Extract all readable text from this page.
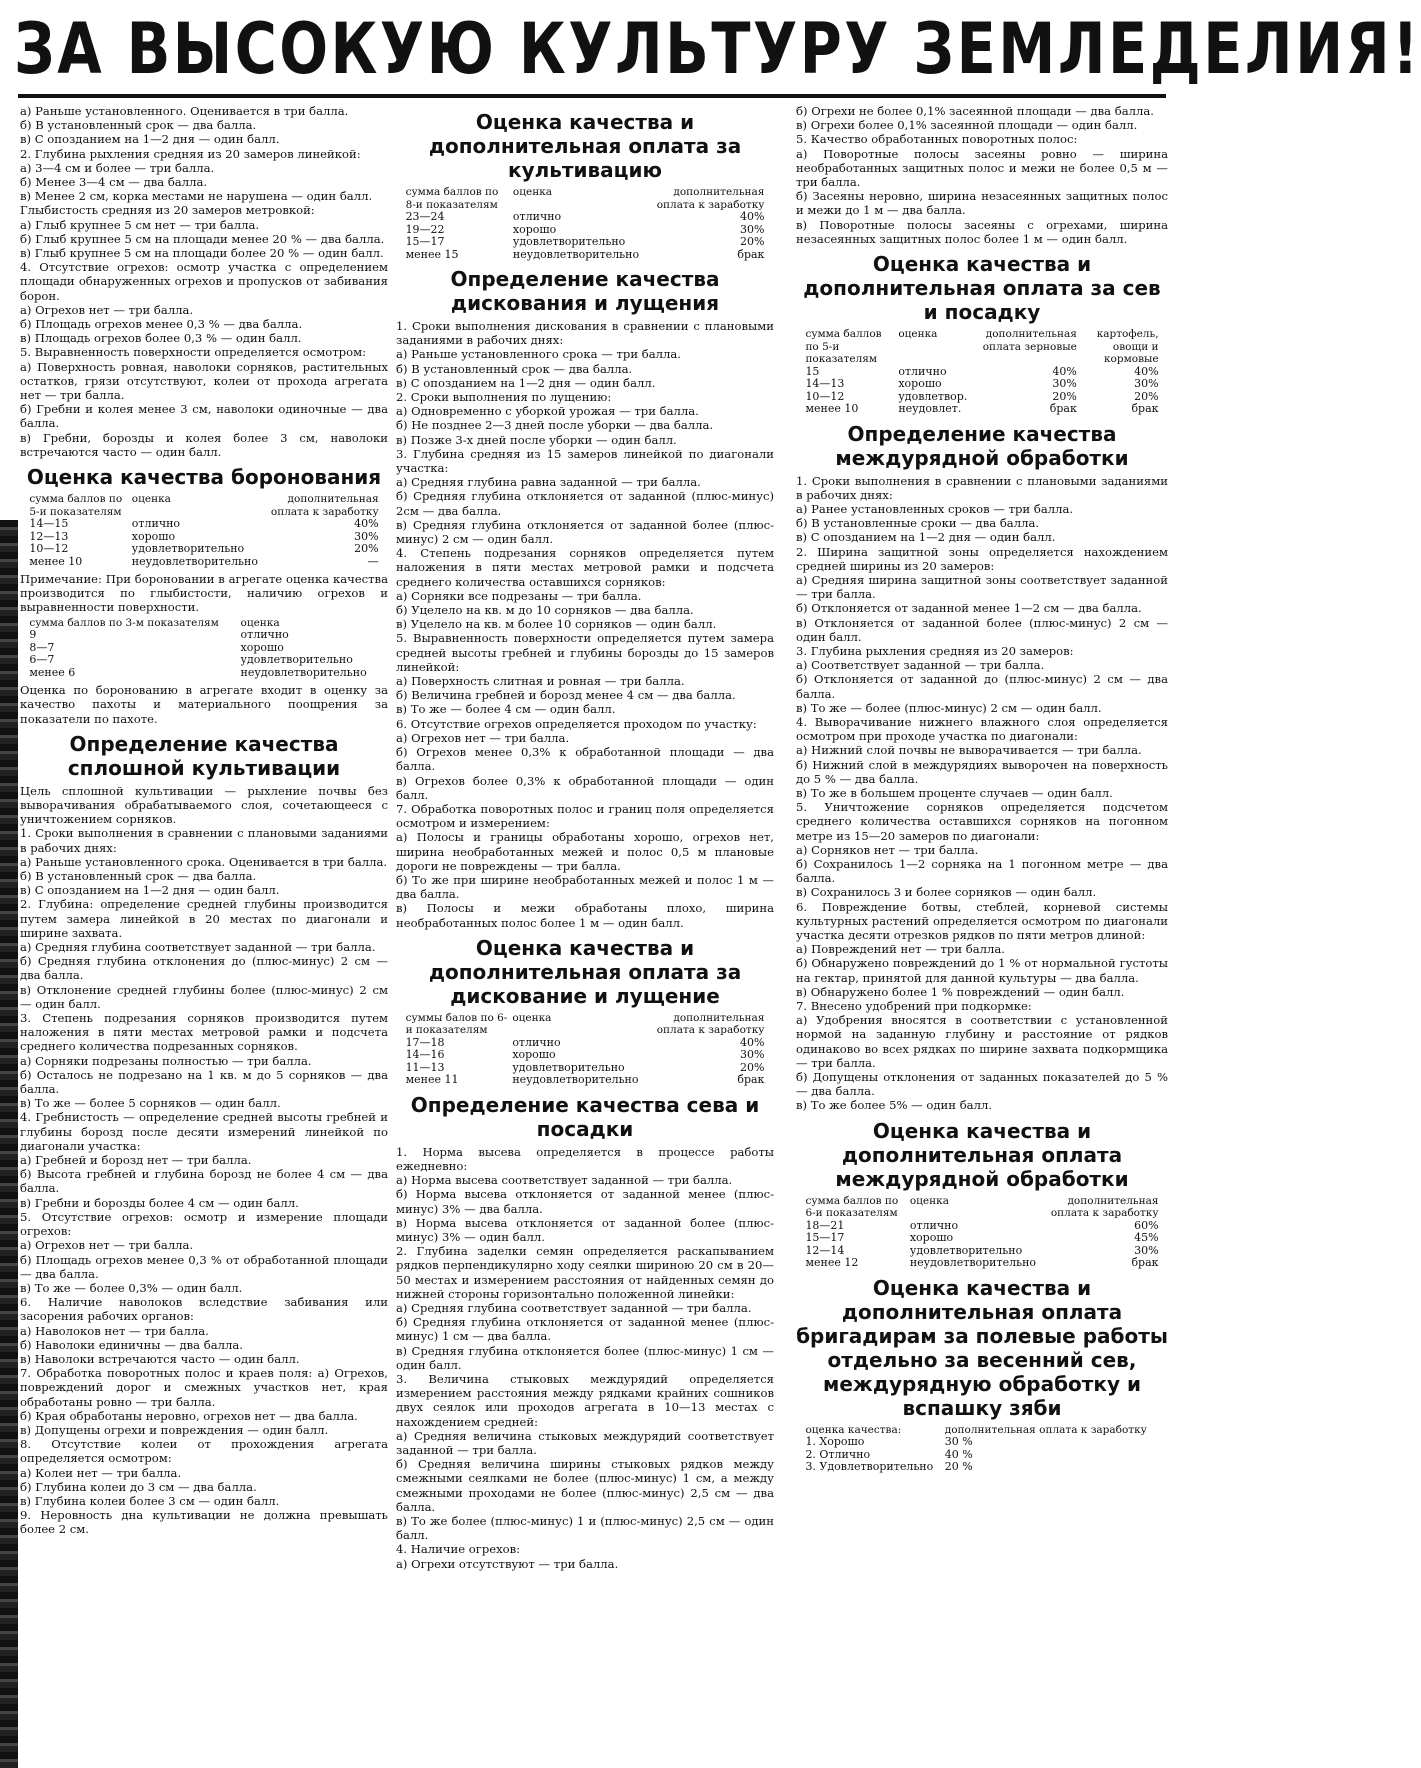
ЗА ВЫСОКУЮ КУЛЬТУРУ ЗЕМЛЕДЕЛИЯ!

а) Раньше установленного. Оценивается в три балла.

б) В установленный срок — два балла.

в) С опозданием на 1—2 дня — один балл.

2. Глубина рыхления средняя из 20 замеров линейкой:

а) 3—4 см и более — три балла.

б) Менее 3—4 см — два балла.

в) Менее 2 см, корка местами не нарушена — один балл.

Глыбистость средняя из 20 замеров метровкой:

а) Глыб крупнее 5 см нет — три балла.

б) Глыб крупнее 5 см на площади менее 20 % — два балла.

в) Глыб крупнее 5 см на площади более 20 % — один балл.

4. Отсутствие огрехов: осмотр участка с определением площади обнаруженных огрехов и пропусков от забивания борон.

а) Огрехов нет — три балла.

б) Площадь огрехов менее 0,3 % — два балла.

в) Площадь огрехов более 0,3 % — один балл.

5. Выравненность поверхности определяется осмотром:

а) Поверхность ровная, наволоки сорняков, растительных остатков, грязи отсутствуют, колеи от прохода агрегата нет — три балла.

б) Гребни и колея менее 3 см, наволоки одиночные — два балла.

в) Гребни, борозды и колея более 3 см, наволоки встречаются часто — один балл.

Оценка качества боронования
сумма баллов по 5-и показателям	оценка	дополнительная оплата к заработку
14—15	отлично	40%
12—13	хорошо	30%
10—12	удовлетворительно	20%
менее 10	неудовлетворительно	—

Примечание: При бороновании в агрегате оценка качества производится по глыбистости, наличию огрехов и выравненности поверхности.

сумма баллов по 3-м показателям	оценка
9	отлично
8—7	хорошо
6—7	удовлетворительно
менее 6	неудовлетворительно

Оценка по боронованию в агрегате входит в оценку за качество пахоты и материального поощрения за показатели по пахоте.

Определение качества сплошной культивации

Цель сплошной культивации — рыхление почвы без выворачивания обрабатываемого слоя, сочетающееся с уничтожением сорняков.

1. Сроки выполнения в сравнении с плановыми заданиями в рабочих днях:

а) Раньше установленного срока. Оценивается в три балла.

б) В установленный срок — два балла.

в) С опозданием на 1—2 дня — один балл.

2. Глубина: определение средней глубины производится путем замера линейкой в 20 местах по диагонали и ширине захвата.

а) Средняя глубина соответствует заданной — три балла.

б) Средняя глубина отклонения до (плюс-минус) 2 см — два балла.

в) Отклонение средней глубины более (плюс-минус) 2 см — один балл.

3. Степень подрезания сорняков производится путем наложения в пяти местах метровой рамки и подсчета среднего количества подрезанных сорняков.

а) Сорняки подрезаны полностью — три балла.

б) Осталось не подрезано на 1 кв. м до 5 сорняков — два балла.

в) То же — более 5 сорняков — один балл.

4. Гребнистость — определение средней высоты гребней и глубины борозд после десяти измерений линейкой по диагонали участка:

а) Гребней и борозд нет — три балла.

б) Высота гребней и глубина борозд не более 4 см — два балла.

в) Гребни и борозды более 4 см — один балл.

5. Отсутствие огрехов: осмотр и измерение площади огрехов:

а) Огрехов нет — три балла.

б) Площадь огрехов менее 0,3 % от обработанной площади — два балла.

в) То же — более 0,3% — один балл.

6. Наличие наволоков вследствие забивания или засорения рабочих органов:

а) Наволоков нет — три балла.

б) Наволоки единичны — два балла.

в) Наволоки встречаются часто — один балл.

7. Обработка поворотных полос и краев поля: а) Огрехов, повреждений дорог и смежных участков нет, края обработаны ровно — три балла.

б) Края обработаны неровно, огрехов нет — два балла.

в) Допущены огрехи и повреждения — один балл.

8. Отсутствие колеи от прохождения агрегата определяется осмотром:

а) Колеи нет — три балла.

б) Глубина колеи до 3 см — два балла.

в) Глубина колеи более 3 см — один балл.

9. Неровность дна культивации не должна превышать более 2 см.

Оценка качества и дополнительная оплата за культивацию
сумма баллов по 8-и показателям	оценка	дополнительная оплата к заработку
23—24	отлично	40%
19—22	хорошо	30%
15—17	удовлетворительно	20%
менее 15	неудовлетворительно	брак
Определение качества дискования и лущения

1. Сроки выполнения дискования в сравнении с плановыми заданиями в рабочих днях:

а) Раньше установленного срока — три балла.

б) В установленный срок — два балла.

в) С опозданием на 1—2 дня — один балл.

2. Сроки выполнения по лущению:

а) Одновременно с уборкой урожая — три балла.

б) Не позднее 2—3 дней после уборки — два балла.

в) Позже 3-х дней после уборки — один балл.

3. Глубина средняя из 15 замеров линейкой по диагонали участка:

а) Средняя глубина равна заданной — три балла.

б) Средняя глубина отклоняется от заданной (плюс-минус) 2см — два балла.

в) Средняя глубина отклоняется от заданной более (плюс-минус) 2 см — один балл.

4. Степень подрезания сорняков определяется путем наложения в пяти местах метровой рамки и подсчета среднего количества оставшихся сорняков:

а) Сорняки все подрезаны — три балла.

б) Уцелело на кв. м до 10 сорняков — два балла.

в) Уцелело на кв. м более 10 сорняков — один балл.

5. Выравненность поверхности определяется путем замера средней высоты гребней и глубины борозды до 15 замеров линейкой:

а) Поверхность слитная и ровная — три балла.

б) Величина гребней и борозд менее 4 см — два балла.

в) То же — более 4 см — один балл.

6. Отсутствие огрехов определяется проходом по участку:

а) Огрехов нет — три балла.

б) Огрехов менее 0,3% к обработанной площади — два балла.

в) Огрехов более 0,3% к обработанной площади — один балл.

7. Обработка поворотных полос и границ поля определяется осмотром и измерением:

а) Полосы и границы обработаны хорошо, огрехов нет, ширина необработанных межей и полос 0,5 м плановые дороги не повреждены — три балла.

б) То же при ширине необработанных межей и полос 1 м — два балла.

в) Полосы и межи обработаны плохо, ширина необработанных полос более 1 м — один балл.

Оценка качества и дополнительная оплата за дискование и лущение
суммы балов по 6-и показателям	оценка	дополнительная оплата к заработку
17—18	отлично	40%
14—16	хорошо	30%
11—13	удовлетворительно	20%
менее 11	неудовлетворительно	брак
Определение качества сева и посадки

1. Норма высева определяется в процессе работы ежедневно:

а) Норма высева соответствует заданной — три балла.

б) Норма высева отклоняется от заданной менее (плюс-минус) 3% — два балла.

в) Норма высева отклоняется от заданной более (плюс-минус) 3% — один балл.

2. Глубина заделки семян определяется раскапыванием рядков перпендикулярно ходу сеялки шириною 20 см в 20—50 местах и измерением расстояния от найденных семян до нижней стороны горизонтально положенной линейки:

а) Средняя глубина соответствует заданной — три балла.

б) Средняя глубина отклоняется от заданной менее (плюс-минус) 1 см — два балла.

в) Средняя глубина отклоняется более (плюс-минус) 1 см — один балл.

3. Величина стыковых междурядий определяется измерением расстояния между рядками крайних сошников двух сеялок или проходов агрегата в 10—13 местах с нахождением средней:

а) Средняя величина стыковых междурядий соответствует заданной — три балла.

б) Средняя величина ширины стыковых рядков между смежными сеялками не более (плюс-минус) 1 см, а между смежными проходами не более (плюс-минус) 2,5 см — два балла.

в) То же более (плюс-минус) 1 и (плюс-минус) 2,5 см — один балл.

4. Наличие огрехов:

а) Огрехи отсутствуют — три балла.

б) Огрехи не более 0,1% засеянной площади — два балла.

в) Огрехи более 0,1% засеянной площади — один балл.

5. Качество обработанных поворотных полос:

а) Поворотные полосы засеяны ровно — ширина необработанных защитных полос и межи не более 0,5 м — три балла.

б) Засеяны неровно, ширина незасеянных защитных полос и межи до 1 м — два балла.

в) Поворотные полосы засеяны с огрехами, ширина незасеянных защитных полос более 1 м — один балл.

Оценка качества и дополнительная оплата за сев и посадку
сумма баллов по 5-и показателям	оценка	дополнительная оплата зерновые	картофель, овощи и кормовые
15	отлично	40%	40%
14—13	хорошо	30%	30%
10—12	удовлетвор.	20%	20%
менее 10	неудовлет.	брак	брак
Определение качества междурядной обработки

1. Сроки выполнения в сравнении с плановыми заданиями в рабочих днях:

а) Ранее установленных сроков — три балла.

б) В установленные сроки — два балла.

в) С опозданием на 1—2 дня — один балл.

2. Ширина защитной зоны определяется нахождением средней ширины из 20 замеров:

а) Средняя ширина защитной зоны соответствует заданной — три балла.

б) Отклоняется от заданной менее 1—2 см — два балла.

в) Отклоняется от заданной более (плюс-минус) 2 см — один балл.

3. Глубина рыхления средняя из 20 замеров:

а) Соответствует заданной — три балла.

б) Отклоняется от заданной до (плюс-минус) 2 см — два балла.

в) То же — более (плюс-минус) 2 см — один балл.

4. Выворачивание нижнего влажного слоя определяется осмотром при проходе участка по диагонали:

а) Нижний слой почвы не выворачивается — три балла.

б) Нижний слой в междурядиях выворочен на поверхность до 5 % — два балла.

в) То же в большем проценте случаев — один балл.

5. Уничтожение сорняков определяется подсчетом среднего количества оставшихся сорняков на погонном метре из 15—20 замеров по диагонали:

а) Сорняков нет — три балла.

б) Сохранилось 1—2 сорняка на 1 погонном метре — два балла.

в) Сохранилось 3 и более сорняков — один балл.

6. Повреждение ботвы, стеблей, корневой системы культурных растений определяется осмотром по диагонали участка десяти отрезков рядков по пяти метров длиной:

а) Повреждений нет — три балла.

б) Обнаружено повреждений до 1 % от нормальной густоты на гектар, принятой для данной культуры — два балла.

в) Обнаружено более 1 % повреждений — один балл.

7. Внесено удобрений при подкормке:

а) Удобрения вносятся в соответствии с установленной нормой на заданную глубину и расстояние от рядков одинаково во всех рядках по ширине захвата подкормщика — три балла.

б) Допущены отклонения от заданных показателей до 5 % — два балла.

в) То же более 5% — один балл.

Оценка качества и дополнительная оплата междурядной обработки
сумма баллов по 6-и показателям	оценка	дополнительная оплата к заработку
18—21	отлично	60%
15—17	хорошо	45%
12—14	удовлетворительно	30%
менее 12	неудовлетворительно	брак
Оценка качества и дополнительная оплата бригадирам за полевые работы отдельно за весенний сев, междурядную обработку и вспашку зяби
оценка качества:	дополнительная оплата к заработку
1. Хорошо	30 %
2. Отлично	40 %
3. Удовлетворительно	20 %
